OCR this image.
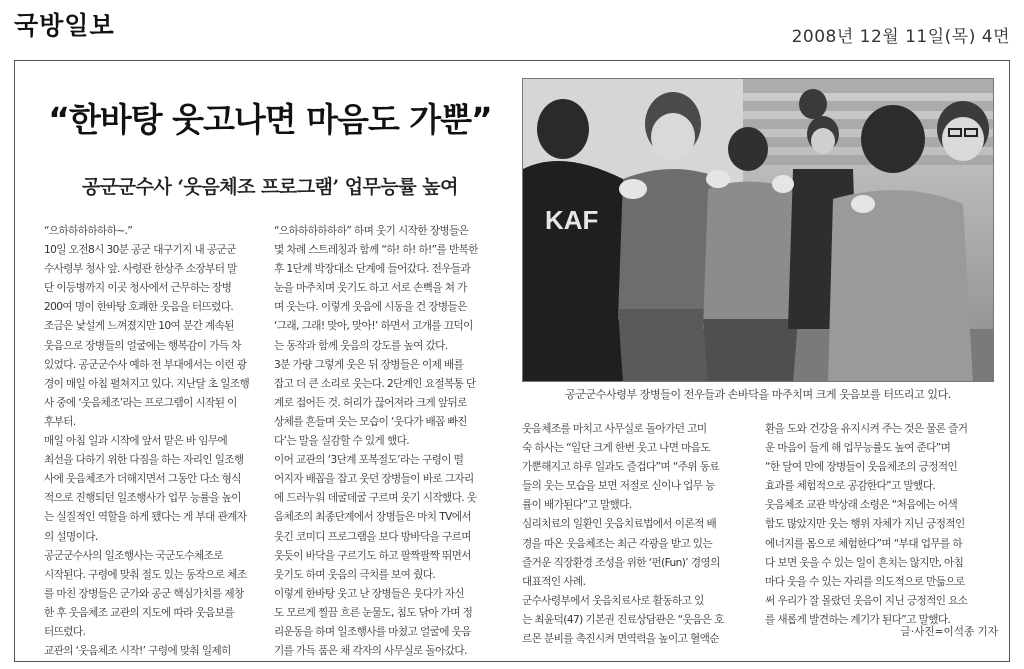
국방일보	2008년 12월 11일(목) 4면
“한바탕 웃고나면 마음도 가뿐”
공군군수사 ‘웃음체조 프로그램’ 업무능률 높여
“으하하하하하하~.”
10일 오전8시 30분 공군 대구기지 내 공군군
수사령부 청사 앞. 사령관 한상주 소장부터 말
단 이등병까지 이곳 청사에서 근무하는 장병
200여 명이 한바탕 호쾌한 웃음을 터뜨렸다.
조금은 낯설게 느껴졌지만 10여 분간 계속된
웃음으로 장병들의 얼굴에는 행복감이 가득 차
있었다. 공군군수사 예하 전 부대에서는 이런 광
경이 매일 아침 펼쳐지고 있다. 지난달 초 일조행
사 중에 ‘웃음체조’라는 프로그램이 시작된 이
후부터.
매일 아침 일과 시작에 앞서 맡은 바 임무에
최선을 다하기 위한 다짐을 하는 자리인 일조행
사에 웃음체조가 더해지면서 그동안 다소 형식
적으로 진행되던 일조행사가 업무 능률을 높이
는 실질적인 역할을 하게 됐다는 게 부대 관계자
의 설명이다.
공군군수사의 일조행사는 국군도수체조로
시작된다. 구령에 맞춰 절도 있는 동작으로 체조
를 마친 장병들은 군가와 공군 핵심가치를 제창
한 후 웃음체조 교관의 지도에 따라 웃음보를
터뜨렸다.
교관의 ‘웃음체조 시작!’ 구령에 맞춰 일제히
“으하하하하하하” 하며 웃기 시작한 장병들은
몇 차례 스트레칭과 함께 “하! 하! 하!”를 반복한
후 1단계 박장대소 단계에 들어갔다. 전우들과
눈을 마주치며 웃기도 하고 서로 손뼉을 쳐 가
며 웃는다. 이렇게 웃음에 시동을 건 장병들은
‘그래, 그래! 맞아, 맞아!’ 하면서 고개를 끄덕이
는 동작과 함께 웃음의 강도를 높여 갔다.
3분 가량 그렇게 웃은 뒤 장병들은 이제 배를
잡고 더 큰 소리로 웃는다. 2단계인 요절복통 단
계로 접어든 것. 허리가 끊어져라 크게 앞뒤로
상체를 흔들며 웃는 모습이 ‘웃다가 배꼽 빠진
다’는 말을 실감할 수 있게 했다.
이어 교관의 ‘3단계 포복절도’라는 구령이 떨
어지자 배꼽을 잡고 웃던 장병들이 바로 그자리
에 드러누워 데굴데굴 구르며 웃기 시작했다. 웃
음체조의 최종단계에서 장병들은 마치 TV에서
웃긴 코미디 프로그램을 보다 방바닥을 구르며
웃듯이 바닥을 구르기도 하고 팔짝팔짝 뛰면서
웃기도 하며 웃음의 극치를 보여 줬다.
이렇게 한바탕 웃고 난 장병들은 웃다가 자신
도 모르게 찔끔 흐른 눈물도, 침도 닦아 가며 정
리운동을 하며 일조행사를 마쳤고 얼굴에 웃음
기를 가득 품은 채 각자의 사무실로 돌아갔다.
웃음체조를 마치고 사무실로 돌아가던 고미
숙 하사는 “일단 크게 한번 웃고 나면 마음도
가뿐해지고 하루 일과도 즐겁다”며 “주위 동료
들의 웃는 모습을 보면 저절로 신이나 업무 능
률이 배가된다”고 말했다.
심리치료의 일환인 웃음치료법에서 이론적 배
경을 따온 웃음체조는 최근 각광을 받고 있는
즐거운 직장환경 조성을 위한 ‘펀(Fun)’ 경영의
대표적인 사례.
군수사령부에서 웃음치료사로 활동하고 있
는 최윤덕(47) 기본권 진료상담관은 “웃음은 호
르몬 분비를 촉진시켜 면역력을 높이고 혈액순
환을 도와 건강을 유지시켜 주는 것은 물론 즐거
운 마음이 들게 해 업무능률도 높여 준다”며
“한 달여 만에 장병들이 웃음체조의 긍정적인
효과를 체험적으로 공감한다”고 말했다.
웃음체조 교관 박상래 소령은 “처음에는 어색
함도 많았지만 웃는 행위 자체가 지닌 긍정적인
에너지를 몸으로 체험한다”며 “부대 업무를 하
다 보면 웃을 수 있는 일이 흔치는 않지만, 아침
마다 웃을 수 있는 자리를 의도적으로 만듦으로
써 우리가 잘 몰랐던 웃음이 지닌 긍정적인 요소
를 새롭게 발견하는 계기가 된다”고 말했다.
KAF
공군군수사령부 장병들이 전우들과 손바닥을 마주치며 크게 웃음보를 터뜨리고 있다.
글·사진=이석종 기자
